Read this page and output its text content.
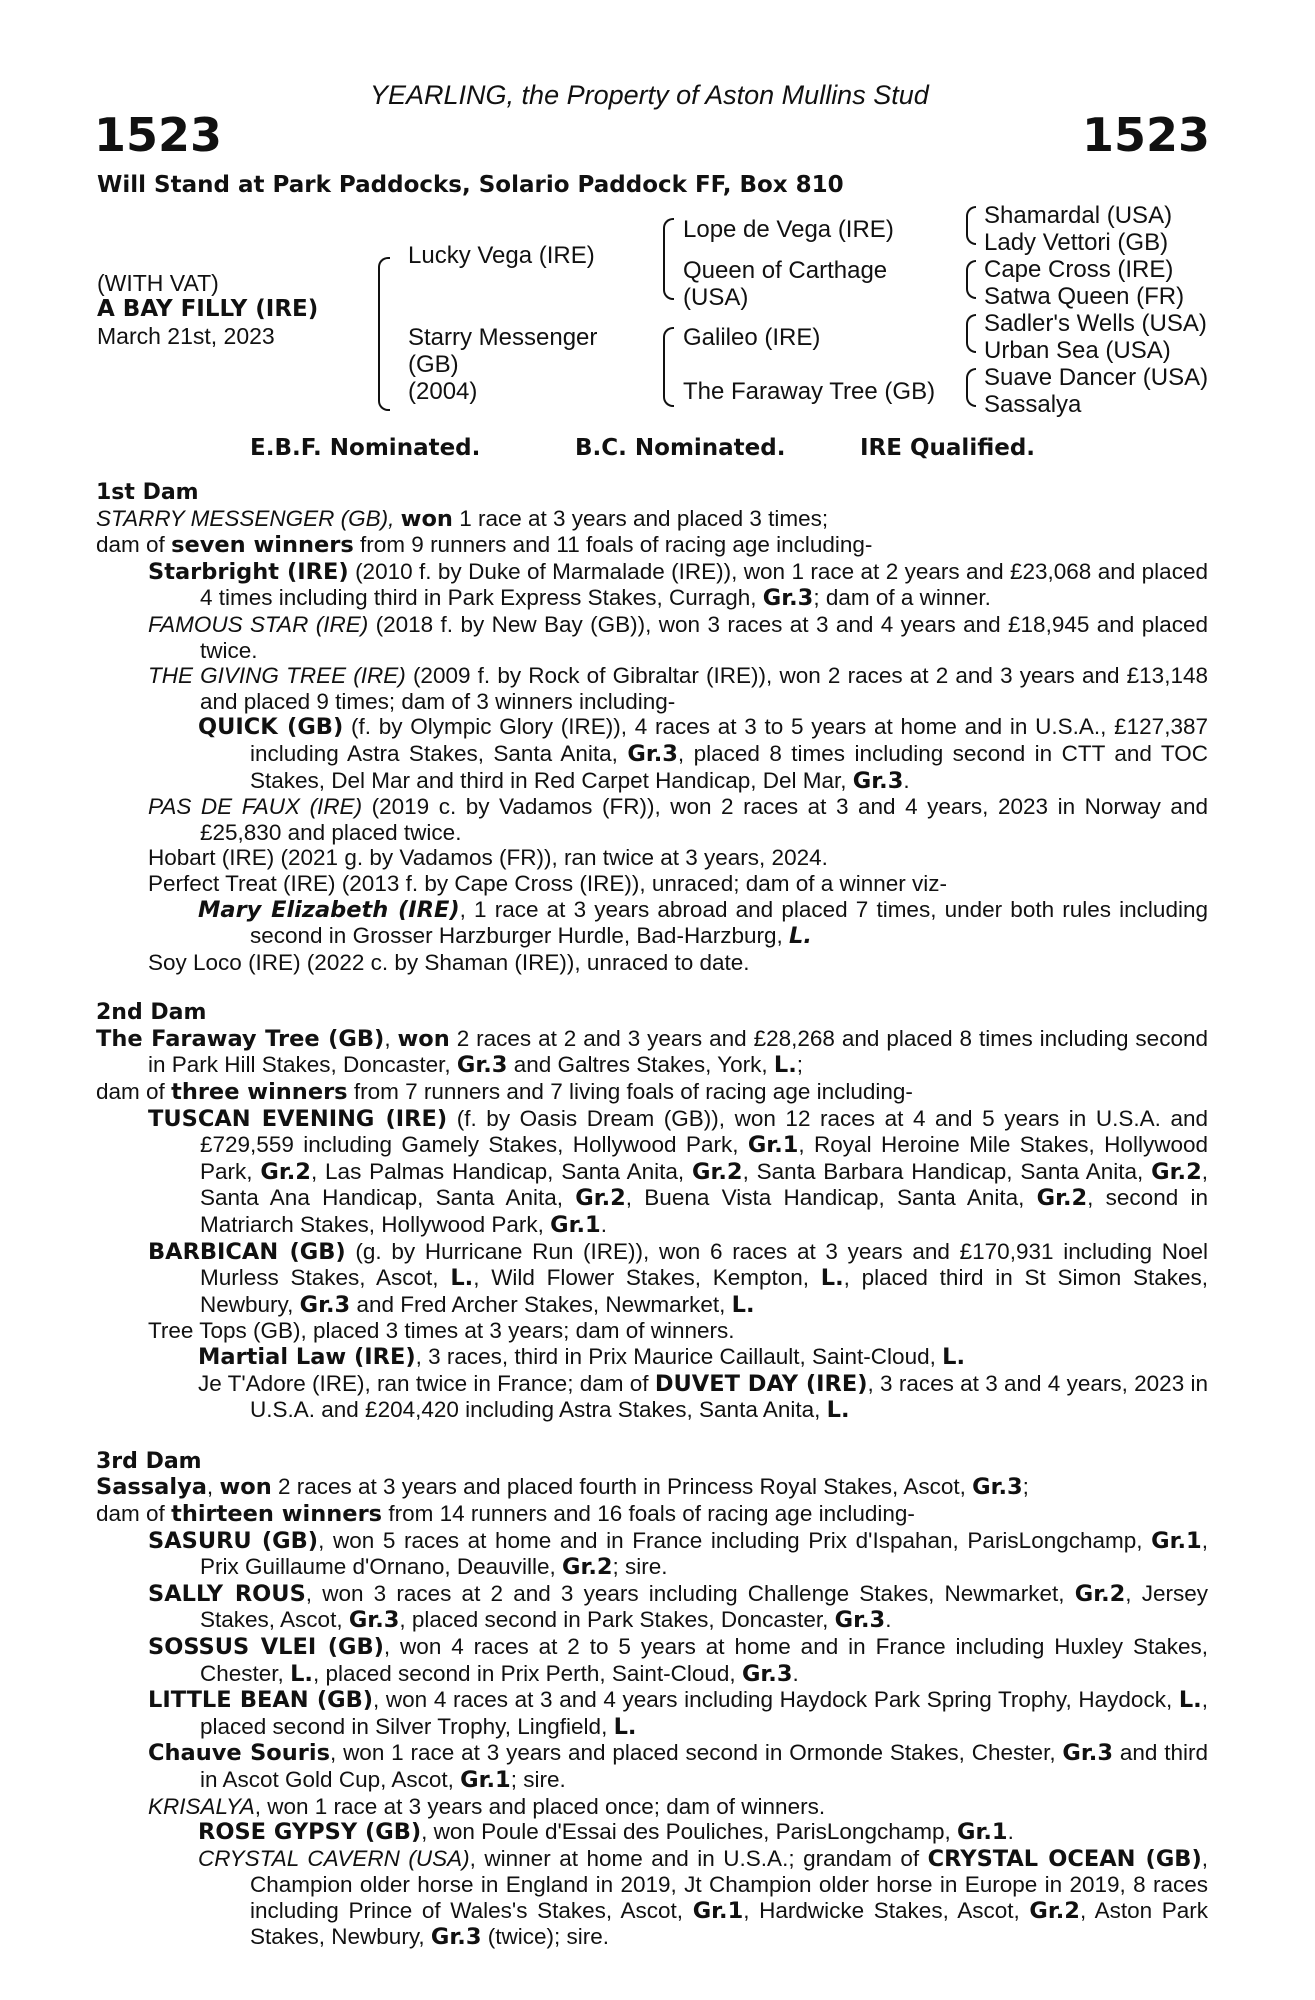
YEARLING, the Property of Aston Mullins Stud
1523	1523
Will Stand at Park Paddocks, Solario Paddock FF, Box 810
(WITH VAT)
A BAY FILLY (IRE)
March 21st, 2023
Lucky Vega (IRE)
Starry Messenger
(GB)
(2004)
Lope de Vega (IRE)
Queen of Carthage
(USA)
Galileo (IRE)
The Faraway Tree (GB)
Shamardal (USA)
Lady Vettori (GB)
Cape Cross (IRE)
Satwa Queen (FR)
Sadler's Wells (USA)
Urban Sea (USA)
Suave Dancer (USA)
Sassalya
E.B.F. Nominated.	B.C. Nominated.	IRE Qualified.

1st Dam

STARRY MESSENGER (GB), won 1 race at 3 years and placed 3 times;

dam of seven winners from 9 runners and 11 foals of racing age including-

Starbright (IRE) (2010 f. by Duke of Marmalade (IRE)), won 1 race at 2 years and £23,068 and placed 4 times including third in Park Express Stakes, Curragh, Gr.3; dam of a winner.

FAMOUS STAR (IRE) (2018 f. by New Bay (GB)), won 3 races at 3 and 4 years and £18,945 and placed twice.

THE GIVING TREE (IRE) (2009 f. by Rock of Gibraltar (IRE)), won 2 races at 2 and 3 years and £13,148 and placed 9 times; dam of 3 winners including-

QUICK (GB) (f. by Olympic Glory (IRE)), 4 races at 3 to 5 years at home and in U.S.A., £127,387 including Astra Stakes, Santa Anita, Gr.3, placed 8 times including second in CTT and TOC Stakes, Del Mar and third in Red Carpet Handicap, Del Mar, Gr.3.

PAS DE FAUX (IRE) (2019 c. by Vadamos (FR)), won 2 races at 3 and 4 years, 2023 in Norway and £25,830 and placed twice.

Hobart (IRE) (2021 g. by Vadamos (FR)), ran twice at 3 years, 2024.

Perfect Treat (IRE) (2013 f. by Cape Cross (IRE)), unraced; dam of a winner viz-

Mary Elizabeth (IRE), 1 race at 3 years abroad and placed 7 times, under both rules including second in Grosser Harzburger Hurdle, Bad-Harzburg, L.

Soy Loco (IRE) (2022 c. by Shaman (IRE)), unraced to date.

2nd Dam

The Faraway Tree (GB), won 2 races at 2 and 3 years and £28,268 and placed 8 times including second in Park Hill Stakes, Doncaster, Gr.3 and Galtres Stakes, York, L.;

dam of three winners from 7 runners and 7 living foals of racing age including-

TUSCAN EVENING (IRE) (f. by Oasis Dream (GB)), won 12 races at 4 and 5 years in U.S.A. and £729,559 including Gamely Stakes, Hollywood Park, Gr.1, Royal Heroine Mile Stakes, Hollywood Park, Gr.2, Las Palmas Handicap, Santa Anita, Gr.2, Santa Barbara Handicap, Santa Anita, Gr.2, Santa Ana Handicap, Santa Anita, Gr.2, Buena Vista Handicap, Santa Anita, Gr.2, second in Matriarch Stakes, Hollywood Park, Gr.1.

BARBICAN (GB) (g. by Hurricane Run (IRE)), won 6 races at 3 years and £170,931 including Noel Murless Stakes, Ascot, L., Wild Flower Stakes, Kempton, L., placed third in St Simon Stakes, Newbury, Gr.3 and Fred Archer Stakes, Newmarket, L.

Tree Tops (GB), placed 3 times at 3 years; dam of winners.

Martial Law (IRE), 3 races, third in Prix Maurice Caillault, Saint-Cloud, L.

Je T'Adore (IRE), ran twice in France; dam of DUVET DAY (IRE), 3 races at 3 and 4 years, 2023 in U.S.A. and £204,420 including Astra Stakes, Santa Anita, L.

3rd Dam

Sassalya, won 2 races at 3 years and placed fourth in Princess Royal Stakes, Ascot, Gr.3;

dam of thirteen winners from 14 runners and 16 foals of racing age including-

SASURU (GB), won 5 races at home and in France including Prix d'Ispahan, ParisLongchamp, Gr.1, Prix Guillaume d'Ornano, Deauville, Gr.2; sire.

SALLY ROUS, won 3 races at 2 and 3 years including Challenge Stakes, Newmarket, Gr.2, Jersey Stakes, Ascot, Gr.3, placed second in Park Stakes, Doncaster, Gr.3.

SOSSUS VLEI (GB), won 4 races at 2 to 5 years at home and in France including Huxley Stakes, Chester, L., placed second in Prix Perth, Saint-Cloud, Gr.3.

LITTLE BEAN (GB), won 4 races at 3 and 4 years including Haydock Park Spring Trophy, Haydock, L., placed second in Silver Trophy, Lingfield, L.

Chauve Souris, won 1 race at 3 years and placed second in Ormonde Stakes, Chester, Gr.3 and third in Ascot Gold Cup, Ascot, Gr.1; sire.

KRISALYA, won 1 race at 3 years and placed once; dam of winners.

ROSE GYPSY (GB), won Poule d'Essai des Pouliches, ParisLongchamp, Gr.1.

CRYSTAL CAVERN (USA), winner at home and in U.S.A.; grandam of CRYSTAL OCEAN (GB), Champion older horse in England in 2019, Jt Champion older horse in Europe in 2019, 8 races including Prince of Wales's Stakes, Ascot, Gr.1, Hardwicke Stakes, Ascot, Gr.2, Aston Park Stakes, Newbury, Gr.3 (twice); sire.
